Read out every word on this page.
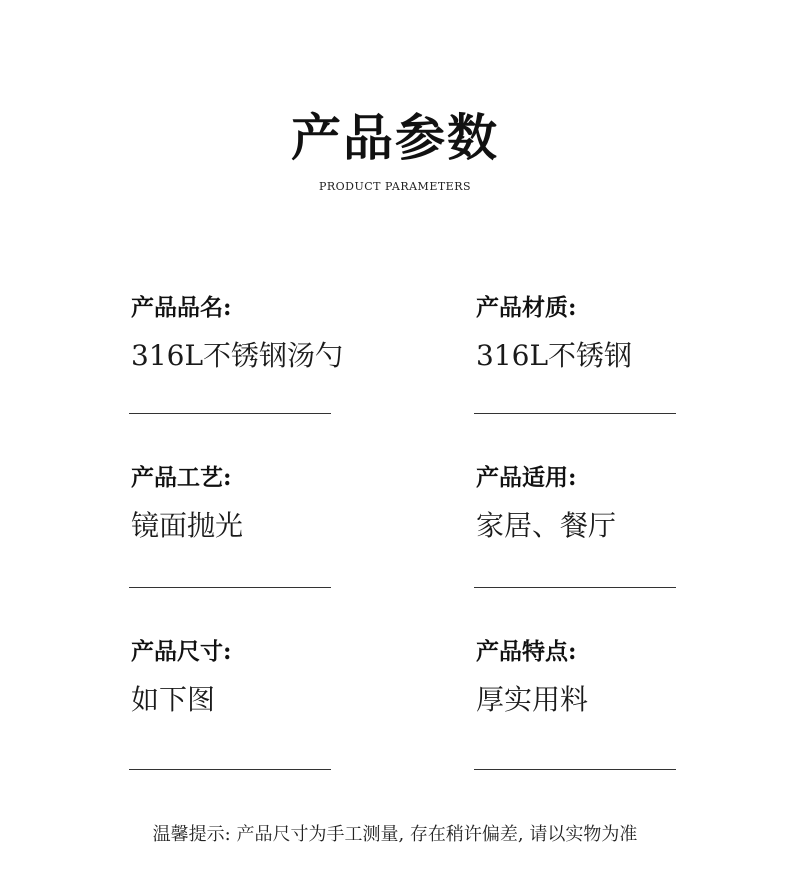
产品参数
PRODUCT PARAMETERS
产品品名:
316L不锈钢汤勺
产品材质:
316L不锈钢
产品工艺:
镜面抛光
产品适用:
家居、餐厅
产品尺寸:
如下图
产品特点:
厚实用料
温馨提示: 产品尺寸为手工测量, 存在稍许偏差, 请以实物为准
